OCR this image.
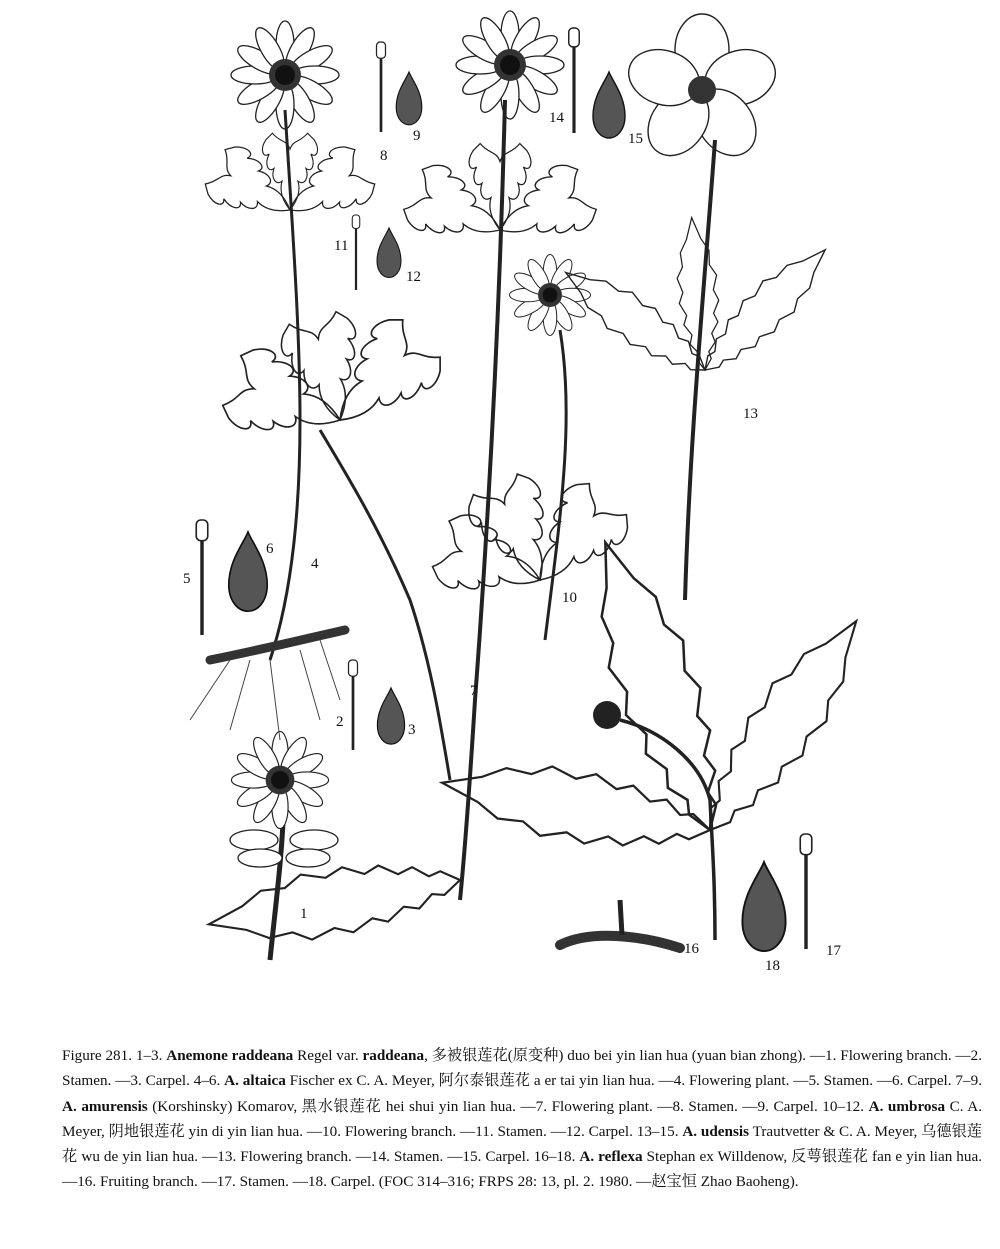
1
2	3
4
5
6
7
8
9
10
11
12
13
14
15
16	17
18
Figure 281. 1–3. Anemone raddeana Regel var. raddeana, 多被银莲花(原变种) duo bei yin lian hua (yuan bian zhong). —1. Flowering branch. —2. Stamen. —3. Carpel. 4–6. A. altaica Fischer ex C. A. Meyer, 阿尔泰银莲花 a er tai yin lian hua. —4. Flowering plant. —5. Stamen. —6. Carpel. 7–9. A. amurensis (Korshinsky) Komarov, 黑水银莲花 hei shui yin lian hua. —7. Flowering plant. —8. Stamen. —9. Carpel. 10–12. A. umbrosa C. A. Meyer, 阴地银莲花 yin di yin lian hua. —10. Flowering branch. —11. Stamen. —12. Carpel. 13–15. A. udensis Trautvetter & C. A. Meyer, 乌德银莲花 wu de yin lian hua. —13. Flowering branch. —14. Stamen. —15. Carpel. 16–18. A. reflexa Stephan ex Willdenow, 反萼银莲花 fan e yin lian hua. —16. Fruiting branch. —17. Stamen. —18. Carpel. (FOC 314–316; FRPS 28: 13, pl. 2. 1980. —赵宝恒 Zhao Baoheng).
